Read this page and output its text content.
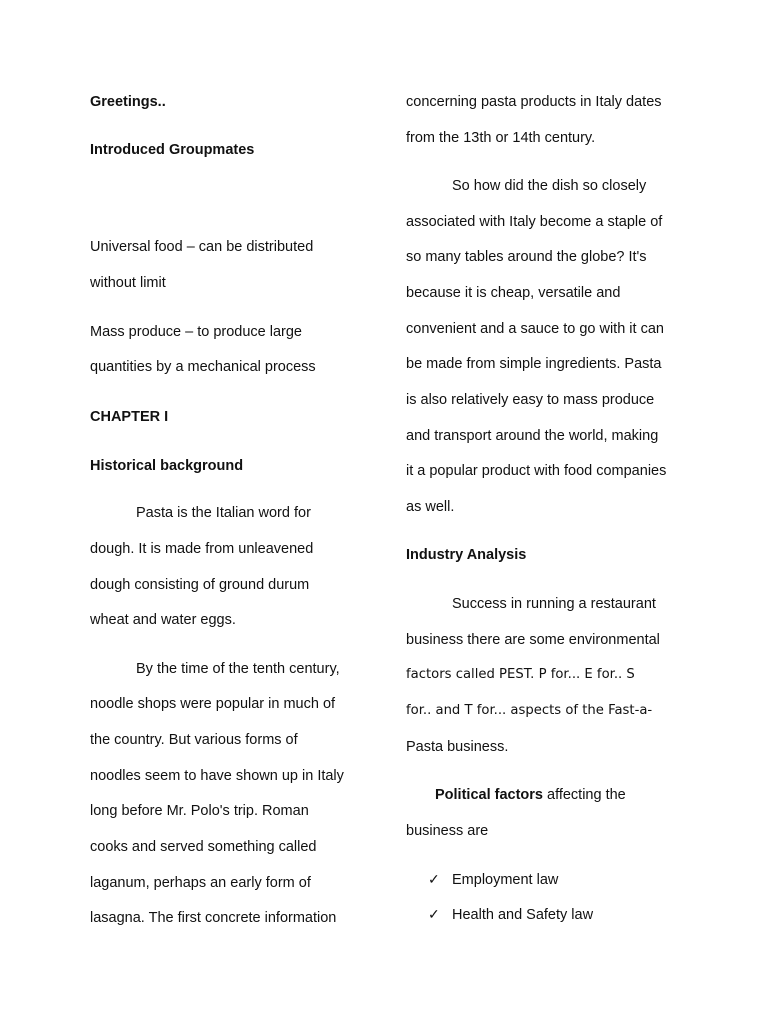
Greetings..

Introduced Groupmates

Universal food – can be distributed

without limit

Mass produce – to produce large

quantities by a mechanical process

CHAPTER I

Historical background

Pasta is the Italian word for

dough. It is made from unleavened

dough consisting of ground durum

wheat and water eggs.

By the time of the tenth century,

noodle shops were popular in much of

the country. But various forms of

noodles seem to have shown up in Italy

long before Mr. Polo's trip. Roman

cooks and served something called

laganum, perhaps an early form of

lasagna. The first concrete information

concerning pasta products in Italy dates

from the 13th or 14th century.

So how did the dish so closely

associated with Italy become a staple of

so many tables around the globe? It's

because it is cheap, versatile and

convenient and a sauce to go with it can

be made from simple ingredients. Pasta

is also relatively easy to mass produce

and transport around the world, making

it a popular product with food companies

as well.

Industry Analysis

Success in running a restaurant

business there are some environmental

factors called PEST. P for... E for.. S

for.. and T for... aspects of the Fast-a-

Pasta business.

Political factors affecting the

business are

✓ Employment law

✓ Health and Safety law
